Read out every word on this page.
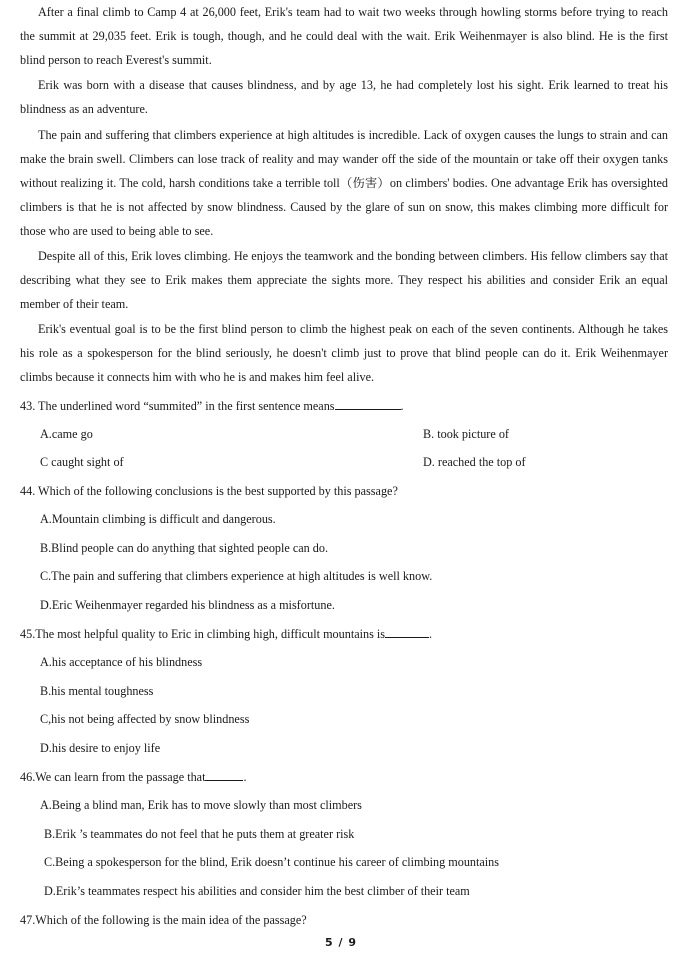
After a final climb to Camp 4 at 26,000 feet, Erik's team had to wait two weeks through howling storms before trying to reach the summit at 29,035 feet. Erik is tough, though, and he could deal with the wait. Erik Weihenmayer is also blind. He is the first blind person to reach Everest's summit.

Erik was born with a disease that causes blindness, and by age 13, he had completely lost his sight. Erik learned to treat his blindness as an adventure.

The pain and suffering that climbers experience at high altitudes is incredible. Lack of oxygen causes the lungs to strain and can make the brain swell. Climbers can lose track of reality and may wander off the side of the mountain or take off their oxygen tanks without realizing it. The cold, harsh conditions take a terrible toll（伤害）on climbers' bodies. One advantage Erik has oversighted climbers is that he is not affected by snow blindness. Caused by the glare of sun on snow, this makes climbing more difficult for those who are used to being able to see.

Despite all of this, Erik loves climbing. He enjoys the teamwork and the bonding between climbers. His fellow climbers say that describing what they see to Erik makes them appreciate the sights more. They respect his abilities and consider Erik an equal member of their team.

Erik's eventual goal is to be the first blind person to climb the highest peak on each of the seven continents. Although he takes his role as a spokesperson for the blind seriously, he doesn't climb just to prove that blind people can do it. Erik Weihenmayer climbs because it connects him with who he is and makes him feel alive.

43. The underlined word “summited” in the first sentence means	.
A.came go	B. took picture of
C caught sight of	D. reached the top of
44. Which of the following conclusions is the best supported by this passage?
A.Mountain climbing is difficult and dangerous.
B.Blind people can do anything that sighted people can do.
C.The pain and suffering that climbers experience at high altitudes is well know.
D.Eric Weihenmayer regarded his blindness as a misfortune.
45.The most helpful quality to Eric in climbing high, difficult mountains is	.
A.his acceptance of his blindness
B.his mental toughness
C,his not being affected by snow blindness
D.his desire to enjoy life
46.We can learn from the passage that	.
A.Being a blind man, Erik has to move slowly than most climbers
B.Erik ’s teammates do not feel that he puts them at greater risk
C.Being a spokesperson for the blind, Erik doesn’t continue his career of climbing mountains
D.Erik’s teammates respect his abilities and consider him the best climber of their team
47.Which of the following is the main idea of the passage?
5 / 9
